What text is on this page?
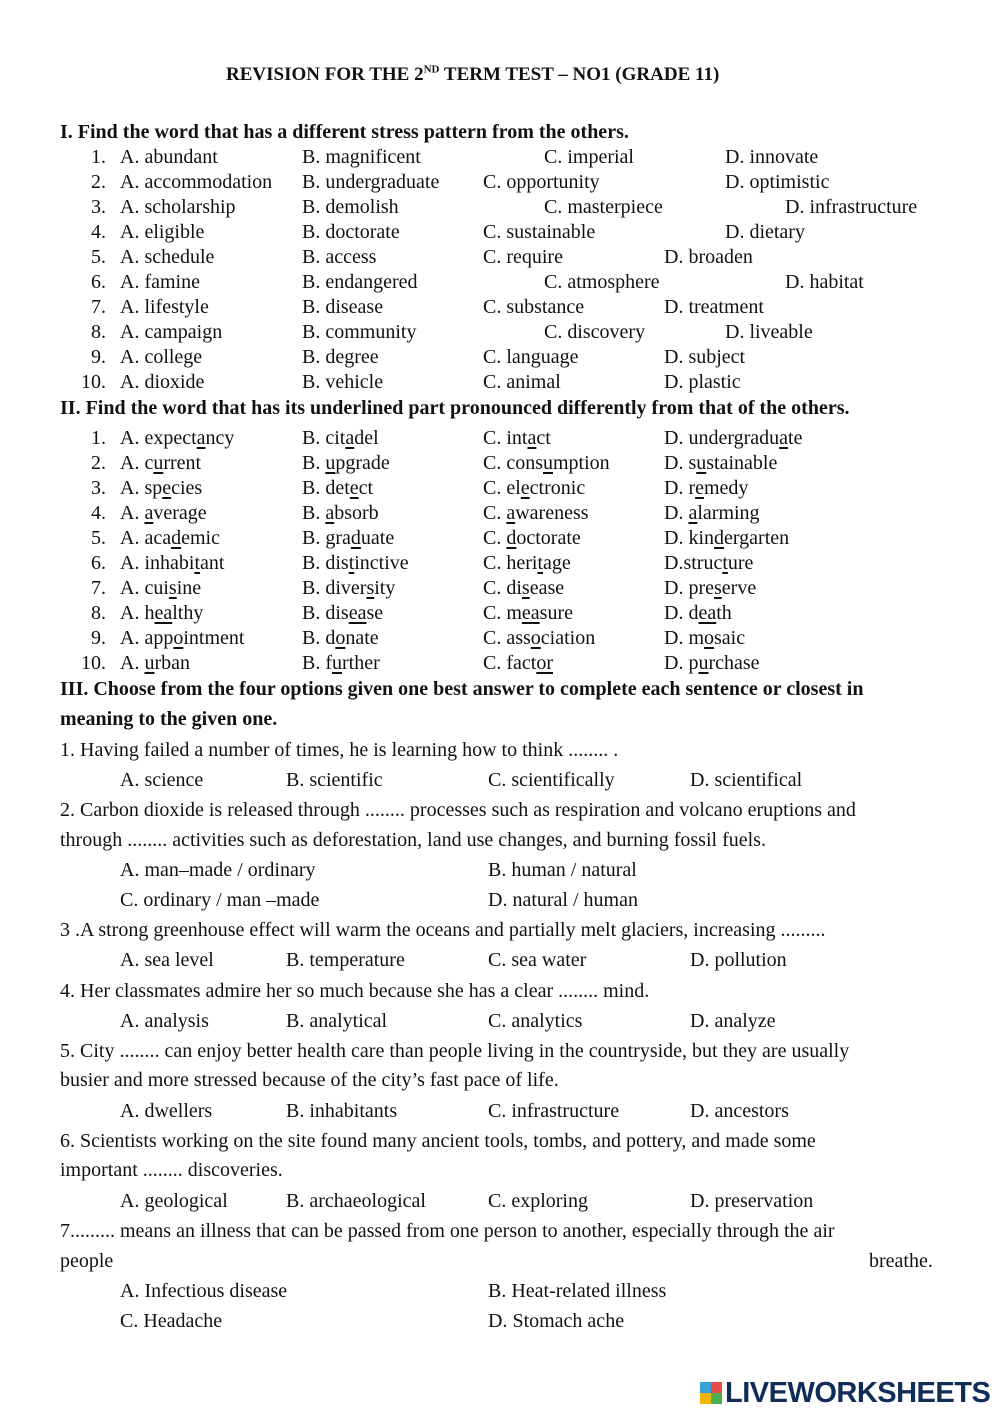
REVISION FOR THE 2ND TERM TEST – NO1 (GRADE 11)
I. Find the word that has a different stress pattern from the others.
1. A. abundant	B. magnificent	C. imperial	D. innovate
2. A. accommodation B. undergraduate C. opportunity	D. optimistic
3. A. scholarship	B. demolish	C. masterpiece	D. infrastructure
4. A. eligible	B. doctorate	C. sustainable	D. dietary
5. A. schedule	B. access	C. require	D. broaden
6. A. famine	B. endangered	C. atmosphere	D. habitat
7. A. lifestyle	B. disease	C. substance	D. treatment
8. A. campaign	B. community	C. discovery	D. liveable
9. A. college	B. degree	C. language	D. subject
10. A. dioxide	B. vehicle	C. animal	D. plastic
II. Find the word that has its underlined part pronounced differently from that of the others.
1. A. expectancy	B. citadel	C. intact	D. undergraduate
2. A. current	B. upgrade	C. consumption	D. sustainable
3. A. species	B. detect	C. electronic	D. remedy
4. A. average	B. absorb	C. awareness	D. alarming
5. A. academic	B. graduate	C. doctorate	D. kindergarten
6. A. inhabitant	B. distinctive	C. heritage	D.structure
7. A. cuisine	B. diversity	C. disease	D. preserve
8. A. healthy	B. disease	C. measure	D. death
9. A. appointment	B. donate	C. association	D. mosaic
10. A. urban	B. further	C. factor	D. purchase
III. Choose from the four options given one best answer to complete each sentence or closest in
meaning to the given one.
1. Having failed a number of times, he is learning how to think ........ .
A. science	B. scientific	C. scientifically	D. scientifical
2. Carbon dioxide is released through ........ processes such as respiration and volcano eruptions and
through ........ activities such as deforestation, land use changes, and burning fossil fuels.
A. man–made / ordinary	B. human / natural
C. ordinary / man –made	D. natural / human
3 .A strong greenhouse effect will warm the oceans and partially melt glaciers, increasing .........
A. sea level	B. temperature	C. sea water	D. pollution
4. Her classmates admire her so much because she has a clear ........ mind.
A. analysis	B. analytical	C. analytics	D. analyze
5. City ........ can enjoy better health care than people living in the countryside, but they are usually
busier and more stressed because of the city’s fast pace of life.
A. dwellers	B. inhabitants	C. infrastructure	D. ancestors
6. Scientists working on the site found many ancient tools, tombs, and pottery, and made some
important ........ discoveries.
A. geological	B. archaeological	C. exploring	D. preservation
7......... means an illness that can be passed from one person to another, especially through the air
people	breathe.
A. Infectious disease	B. Heat-related illness
C. Headache	D. Stomach ache
LIVEWORKSHEETS
